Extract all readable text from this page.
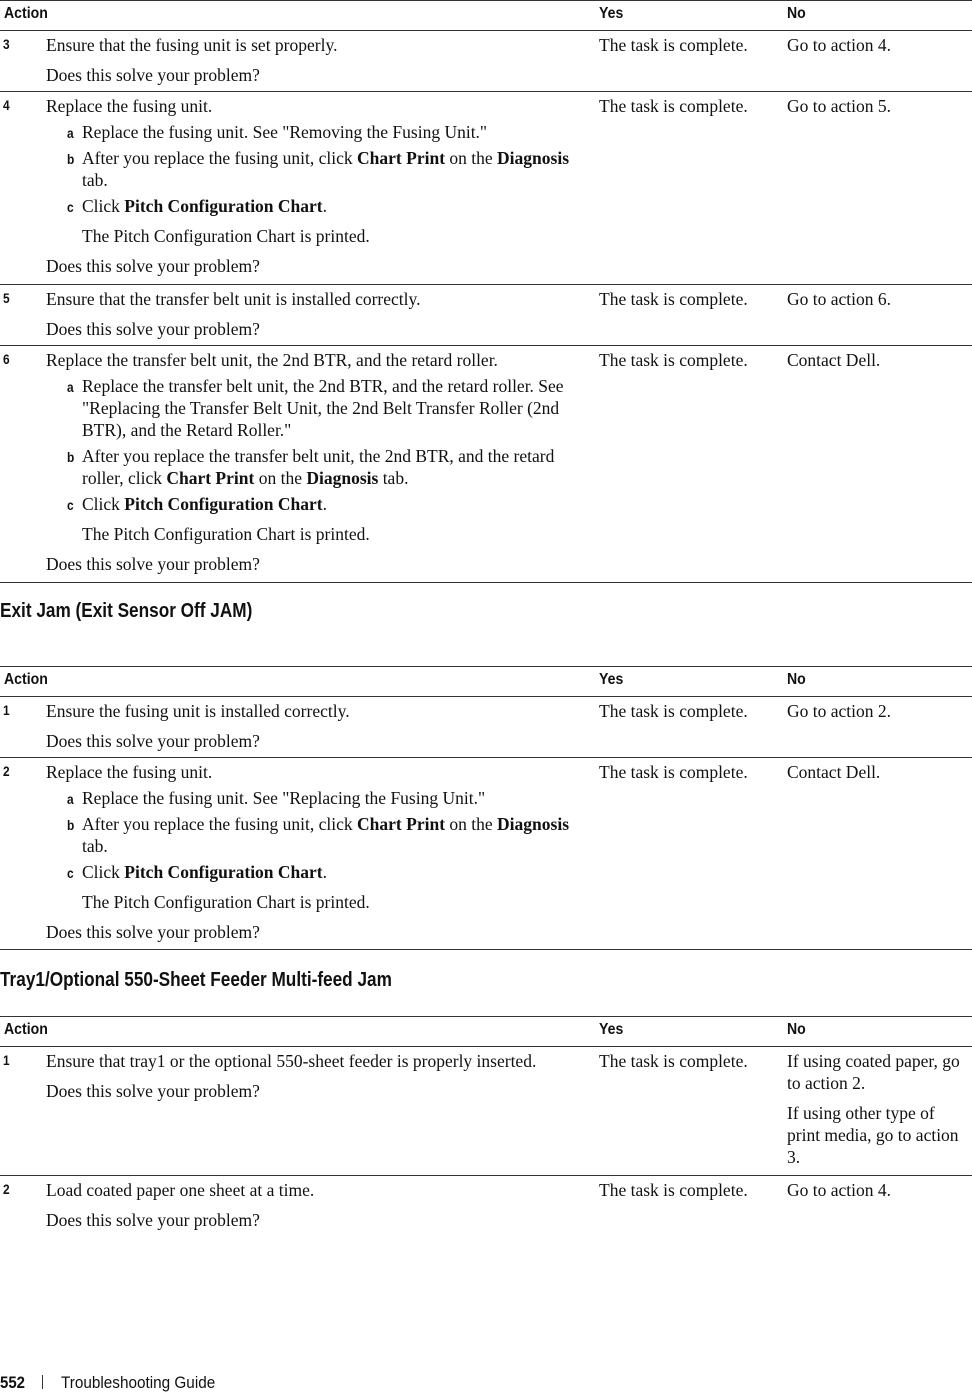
Action	Yes	No
3 Ensure that the fusing unit is set properly.

Does this solve your problem?

The task is complete.	Go to action 4.

4 Replace the fusing unit.

a Replace the fusing unit. See "Removing the Fusing Unit."

b After you replace the fusing unit, click Chart Print on the Diagnosis tab.

c Click Pitch Configuration Chart.

The Pitch Configuration Chart is printed.

Does this solve your problem?

The task is complete.	Go to action 5.

5 Ensure that the transfer belt unit is installed correctly.

Does this solve your problem?

The task is complete.	Go to action 6.

6 Replace the transfer belt unit, the 2nd BTR, and the retard roller.

a Replace the transfer belt unit, the 2nd BTR, and the retard roller. See "Replacing the Transfer Belt Unit, the 2nd Belt Transfer Roller (2nd BTR), and the Retard Roller."

b After you replace the transfer belt unit, the 2nd BTR, and the retard roller, click Chart Print on the Diagnosis tab.

c Click Pitch Configuration Chart.

The Pitch Configuration Chart is printed.

Does this solve your problem?

The task is complete.	Contact Dell.

Exit Jam (Exit Sensor Off JAM)
Action	Yes	No
1 Ensure the fusing unit is installed correctly.

Does this solve your problem?

The task is complete.	Go to action 2.

2 Replace the fusing unit.

a Replace the fusing unit. See "Replacing the Fusing Unit."

b After you replace the fusing unit, click Chart Print on the Diagnosis tab.

c Click Pitch Configuration Chart.

The Pitch Configuration Chart is printed.

Does this solve your problem?

The task is complete.	Contact Dell.

Tray1/Optional 550-Sheet Feeder Multi-feed Jam
Action	Yes	No
1 Ensure that tray1 or the optional 550-sheet feeder is properly inserted.

Does this solve your problem?

The task is complete.	If using coated paper, go to action 2.

If using other type of print media, go to action 3.

2 Load coated paper one sheet at a time.

Does this solve your problem?

The task is complete.	Go to action 4.

552 Troubleshooting Guide
